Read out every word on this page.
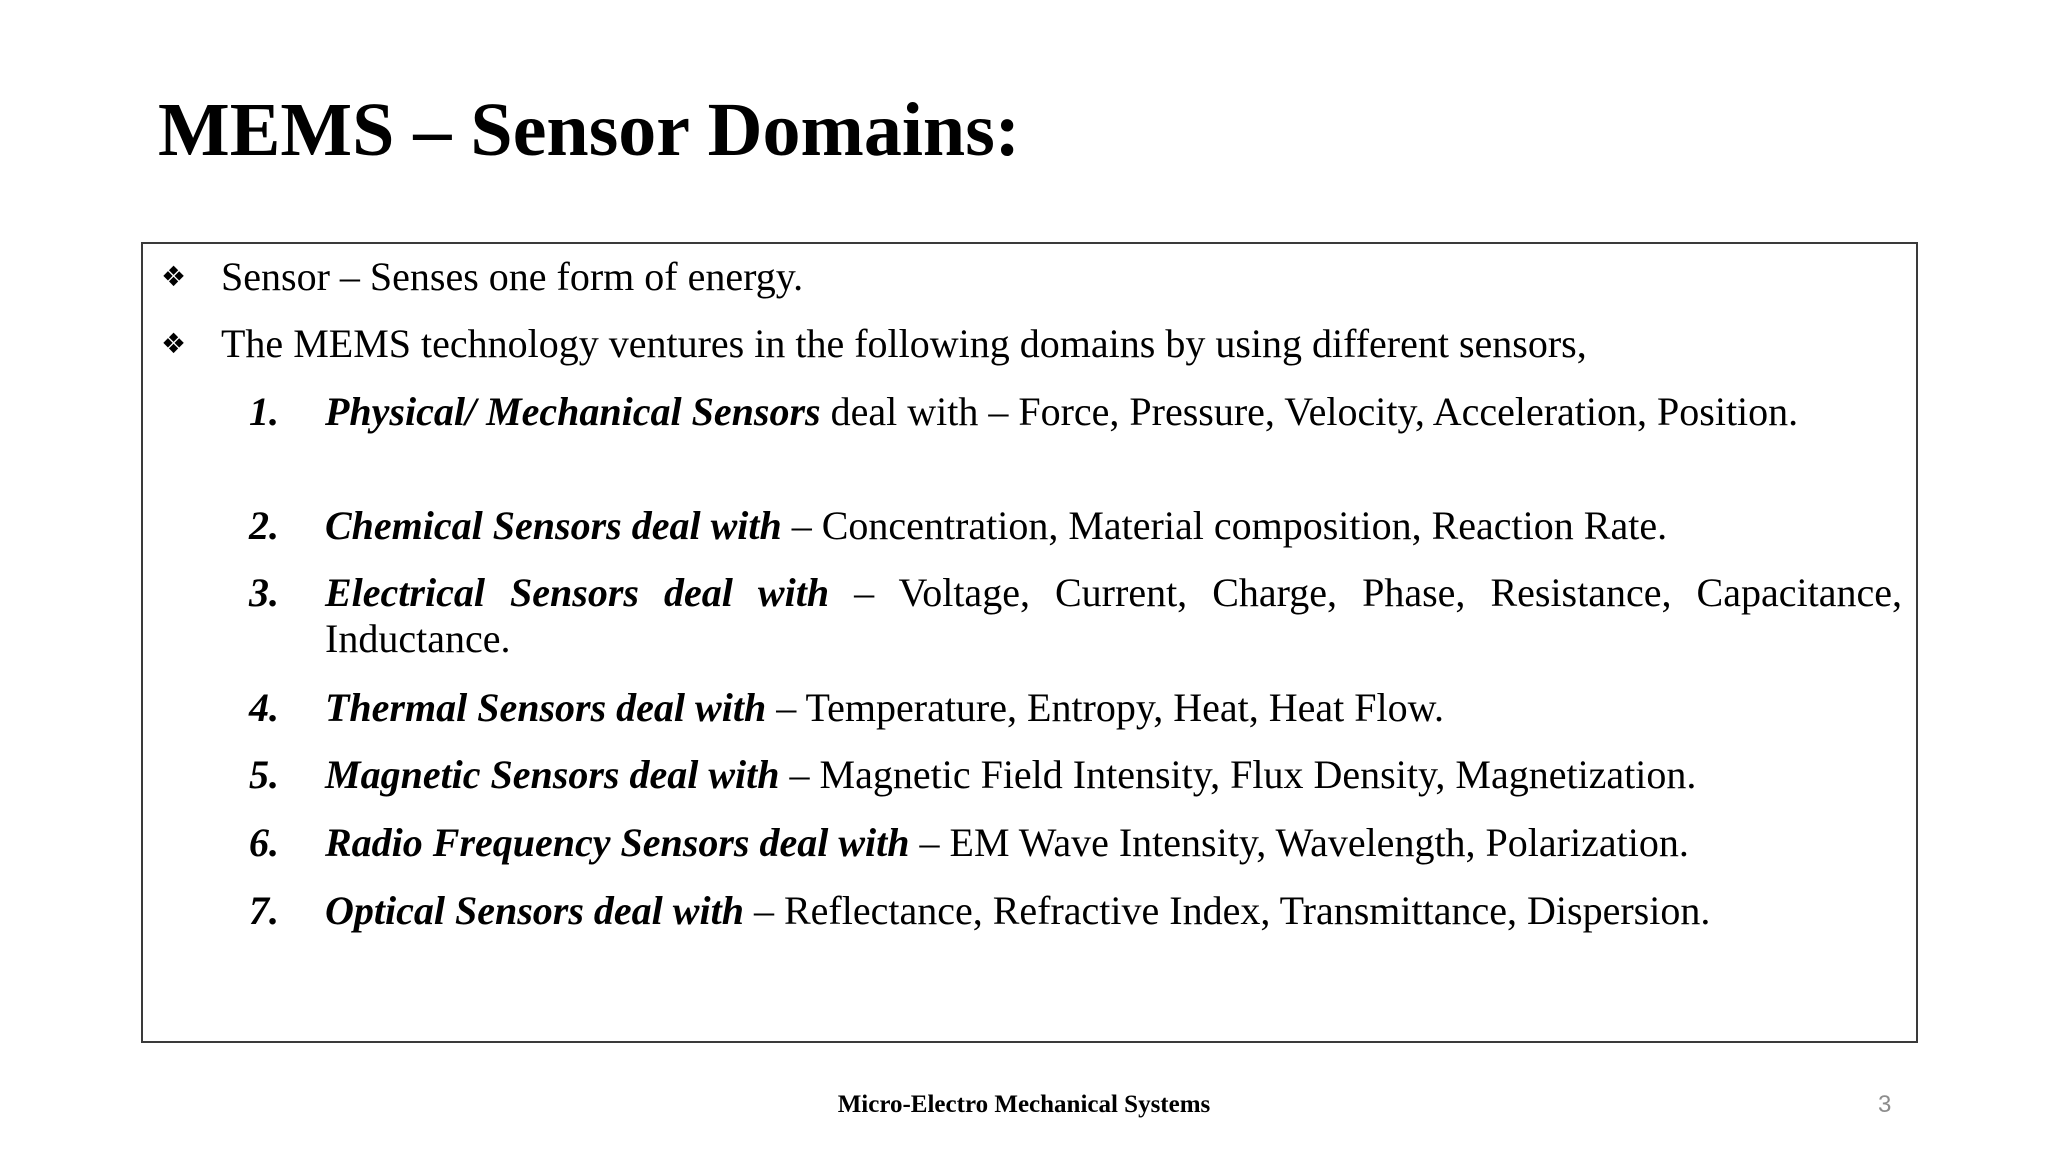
MEMS – Sensor Domains:
❖ Sensor – Senses one form of energy.
❖ The MEMS technology ventures in the following domains by using different sensors,
1. Physical/ Mechanical Sensors deal with – Force, Pressure, Velocity, Acceleration, Position.
2. Chemical Sensors deal with – Concentration, Material composition, Reaction Rate.
3. Electrical Sensors deal with – Voltage, Current, Charge, Phase, Resistance, Capacitance, Inductance.
4. Thermal Sensors deal with – Temperature, Entropy, Heat, Heat Flow.
5. Magnetic Sensors deal with – Magnetic Field Intensity, Flux Density, Magnetization.
6. Radio Frequency Sensors deal with – EM Wave Intensity, Wavelength, Polarization.
7. Optical Sensors deal with – Reflectance, Refractive Index, Transmittance, Dispersion.
Micro-Electro Mechanical Systems	3
